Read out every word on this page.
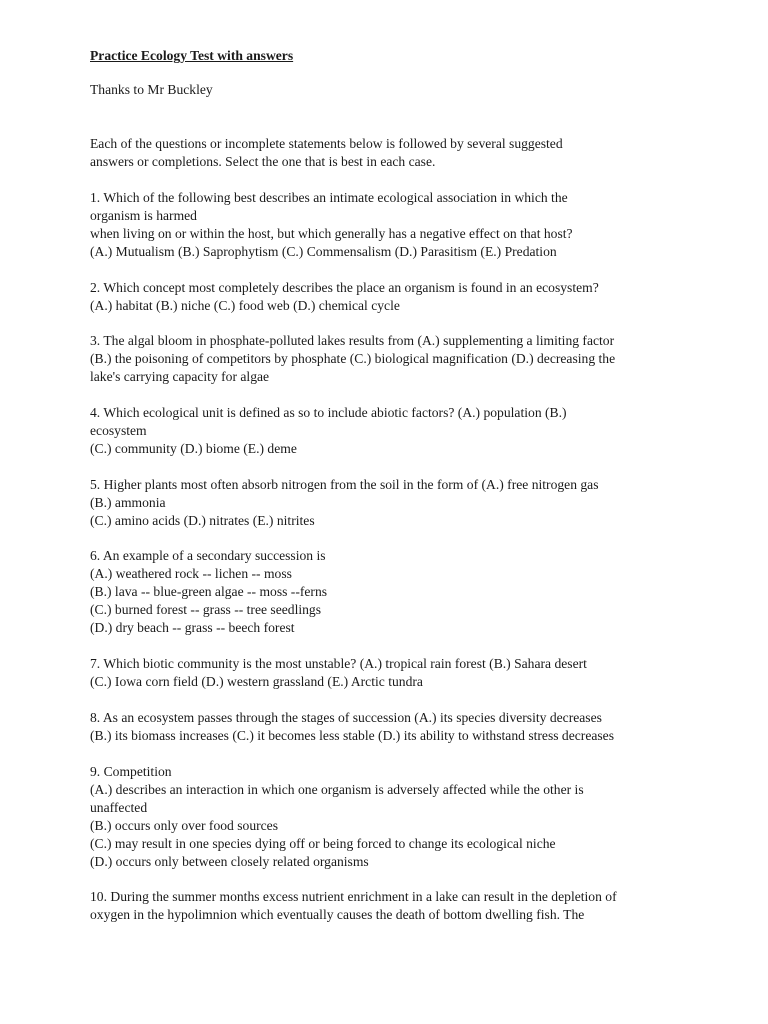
Practice Ecology Test with answers
Thanks to Mr Buckley
Each of the questions or incomplete statements below is followed by several suggested
answers or completions. Select the one that is best in each case.
1. Which of the following best describes an intimate ecological association in which the
organism is harmed
when living on or within the host, but which generally has a negative effect on that host?
(A.) Mutualism (B.) Saprophytism (C.) Commensalism (D.) Parasitism (E.) Predation
2. Which concept most completely describes the place an organism is found in an ecosystem?
(A.) habitat (B.) niche (C.) food web (D.) chemical cycle
3. The algal bloom in phosphate-polluted lakes results from (A.) supplementing a limiting factor
(B.) the poisoning of competitors by phosphate (C.) biological magnification (D.) decreasing the
lake's carrying capacity for algae
4. Which ecological unit is defined as so to include abiotic factors? (A.) population (B.)
ecosystem
(C.) community (D.) biome (E.) deme
5. Higher plants most often absorb nitrogen from the soil in the form of (A.) free nitrogen gas
(B.) ammonia
(C.) amino acids (D.) nitrates (E.) nitrites
6. An example of a secondary succession is
(A.) weathered rock -- lichen -- moss
(B.) lava -- blue-green algae -- moss --ferns
(C.) burned forest -- grass -- tree seedlings
(D.) dry beach -- grass -- beech forest
7. Which biotic community is the most unstable? (A.) tropical rain forest (B.) Sahara desert
(C.) Iowa corn field (D.) western grassland (E.) Arctic tundra
8. As an ecosystem passes through the stages of succession (A.) its species diversity decreases
(B.) its biomass increases (C.) it becomes less stable (D.) its ability to withstand stress decreases
9. Competition
(A.) describes an interaction in which one organism is adversely affected while the other is
unaffected
(B.) occurs only over food sources
(C.) may result in one species dying off or being forced to change its ecological niche
(D.) occurs only between closely related organisms
10. During the summer months excess nutrient enrichment in a lake can result in the depletion of
oxygen in the hypolimnion which eventually causes the death of bottom dwelling fish. The
